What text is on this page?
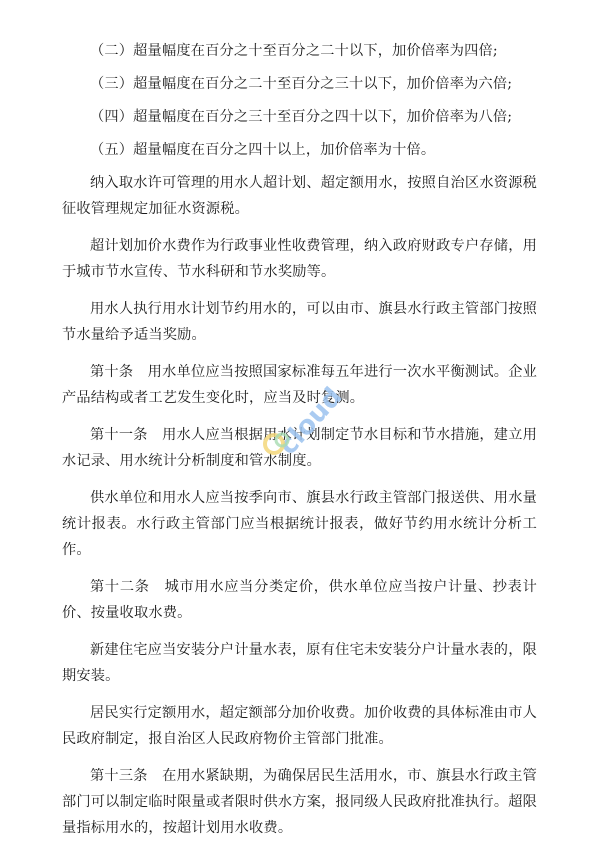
（二）超量幅度在百分之十至百分之二十以下，加价倍率为四倍;

（三）超量幅度在百分之二十至百分之三十以下，加价倍率为六倍;

（四）超量幅度在百分之三十至百分之四十以下，加价倍率为八倍;

（五）超量幅度在百分之四十以上，加价倍率为十倍。

纳入取水许可管理的用水人超计划、超定额用水，按照自治区水资源税征收管理规定加征水资源税。

超计划加价水费作为行政事业性收费管理，纳入政府财政专户存储，用于城市节水宣传、节水科研和节水奖励等。

用水人执行用水计划节约用水的，可以由市、旗县水行政主管部门按照节水量给予适当奖励。

第十条　用水单位应当按照国家标准每五年进行一次水平衡测试。企业产品结构或者工艺发生变化时，应当及时复测。

第十一条　用水人应当根据用水计划制定节水目标和节水措施，建立用水记录、用水统计分析制度和管水制度。

供水单位和用水人应当按季向市、旗县水行政主管部门报送供、用水量统计报表。水行政主管部门应当根据统计报表，做好节约用水统计分析工作。

第十二条　城市用水应当分类定价，供水单位应当按户计量、抄表计价、按量收取水费。

新建住宅应当安装分户计量水表，原有住宅未安装分户计量水表的，限期安装。

居民实行定额用水，超定额部分加价收费。加价收费的具体标准由市人民政府制定，报自治区人民政府物价主管部门批准。

第十三条　在用水紧缺期，为确保居民生活用水，市、旗县水行政主管部门可以制定临时限量或者限时供水方案，报同级人民政府批准执行。超限量指标用水的，按超计划用水收费。

cloud
